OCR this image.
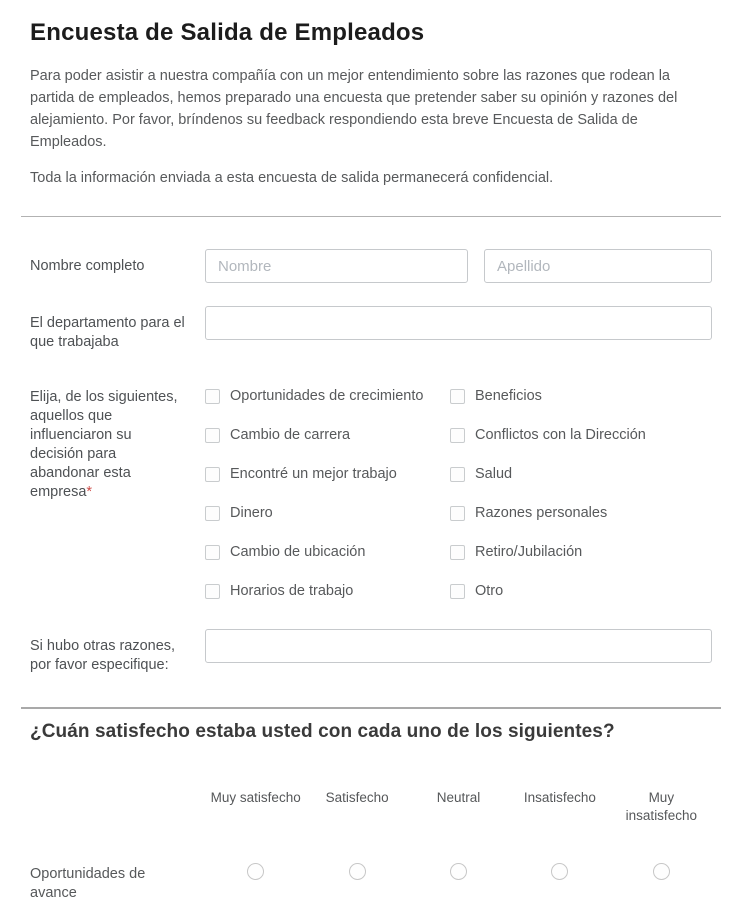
Encuesta de Salida de Empleados

Para poder asistir a nuestra compañía con un mejor entendimiento sobre las razones que rodean la partida de empleados, hemos preparado una encuesta que pretender saber su opinión y razones del alejamiento. Por favor, bríndenos su feedback respondiendo esta breve Encuesta de Salida de Empleados.

Toda la información enviada a esta encuesta de salida permanecerá confidencial.

Nombre completo
Nombre
Apellido
El departamento para el que trabajaba
Elija, de los siguientes, aquellos que influenciaron su decisión para abandonar esta empresa*
Oportunidades de crecimiento	Beneficios
Cambio de carrera	Conflictos con la Dirección
Encontré un mejor trabajo	Salud
Dinero	Razones personales
Cambio de ubicación	Retiro/Jubilación
Horarios de trabajo	Otro
Si hubo otras razones, por favor especifique:
¿Cuán satisfecho estaba usted con cada uno de los siguientes?
Muy satisfecho	Satisfecho	Neutral	Insatisfecho	Muy insatisfecho
Oportunidades de avance
